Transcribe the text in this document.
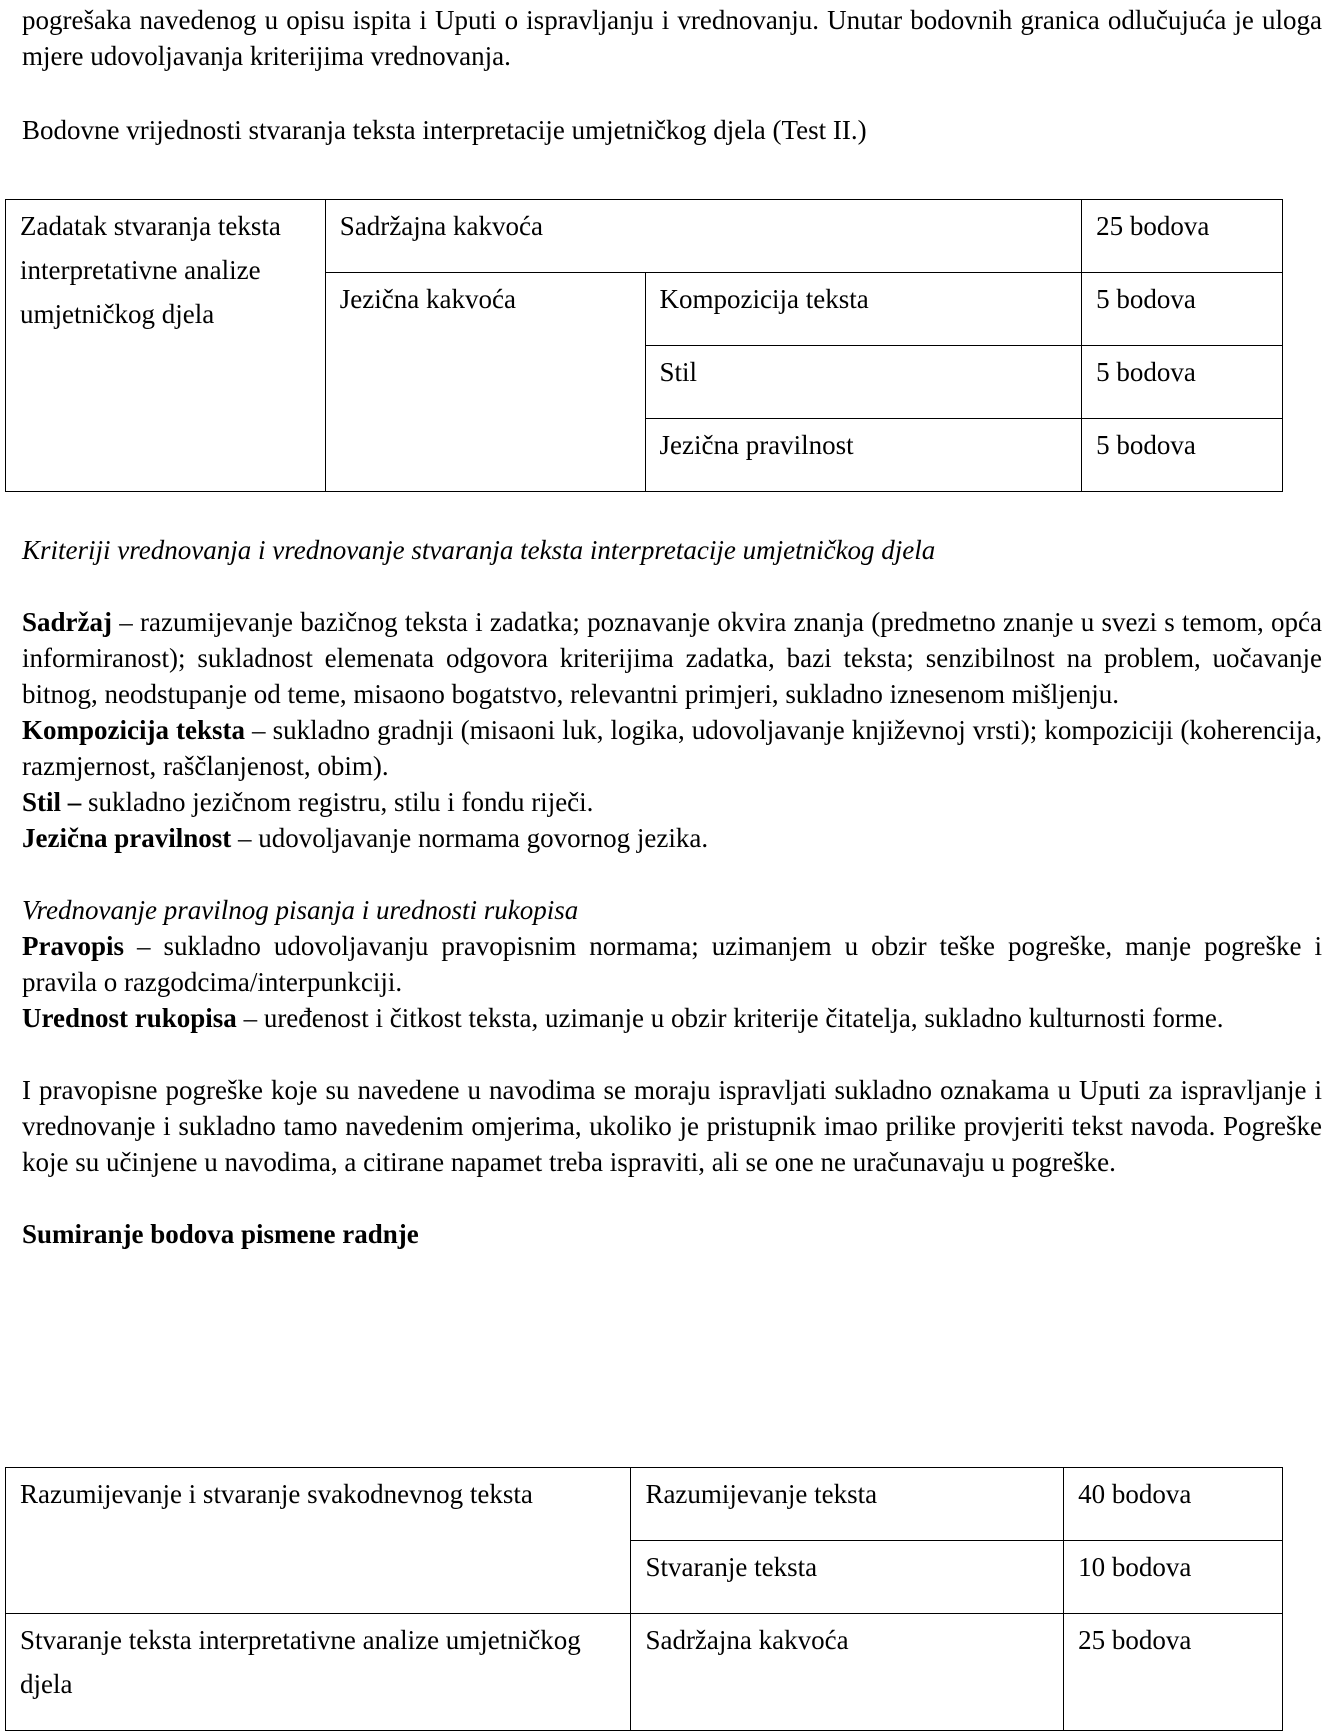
pogrešaka navedenog u opisu ispita i Uputi o ispravljanju i vrednovanju. Unutar bodovnih granica odlučujuća je uloga mjere udovoljavanja kriterijima vrednovanja.

Bodovne vrijednosti stvaranja teksta interpretacije umjetničkog djela (Test II.)

Zadatak stvaranja teksta interpretativne analize umjetničkog djela	Sadržajna kakvoća		25 bodova
	Jezična kakvoća	Kompozicija teksta	5 bodova
		Stil	5 bodova
		Jezična pravilnost	5 bodova

Kriteriji vrednovanja i vrednovanje stvaranja teksta interpretacije umjetničkog djela

Sadržaj – razumijevanje bazičnog teksta i zadatka; poznavanje okvira znanja (predmetno znanje u svezi s temom, opća informiranost); sukladnost elemenata odgovora kriterijima zadatka, bazi teksta; senzibilnost na problem, uočavanje bitnog, neodstupanje od teme, misaono bogatstvo, relevantni primjeri, sukladno iznesenom mišljenju.

Kompozicija teksta – sukladno gradnji (misaoni luk, logika, udovoljavanje književnoj vrsti); kompoziciji (koherencija, razmjernost, raščlanjenost, obim).

Stil – sukladno jezičnom registru, stilu i fondu riječi.

Jezična pravilnost – udovoljavanje normama govornog jezika.

Vrednovanje pravilnog pisanja i urednosti rukopisa

Pravopis – sukladno udovoljavanju pravopisnim normama; uzimanjem u obzir teške pogreške, manje pogreške i pravila o razgodcima/interpunkciji.

Urednost rukopisa – uređenost i čitkost teksta, uzimanje u obzir kriterije čitatelja, sukladno kulturnosti forme.

I pravopisne pogreške koje su navedene u navodima se moraju ispravljati sukladno oznakama u Uputi za ispravljanje i vrednovanje i sukladno tamo navedenim omjerima, ukoliko je pristupnik imao prilike provjeriti tekst navoda. Pogreške koje su učinjene u navodima, a citirane napamet treba ispraviti, ali se one ne uračunavaju u pogreške.

Sumiranje bodova pismene radnje

Razumijevanje i stvaranje svakodnevnog teksta	Razumijevanje teksta	40 bodova
	Stvaranje teksta	10 bodova
Stvaranje teksta interpretativne analize umjetničkog djela	Sadržajna kakvoća	25 bodova
